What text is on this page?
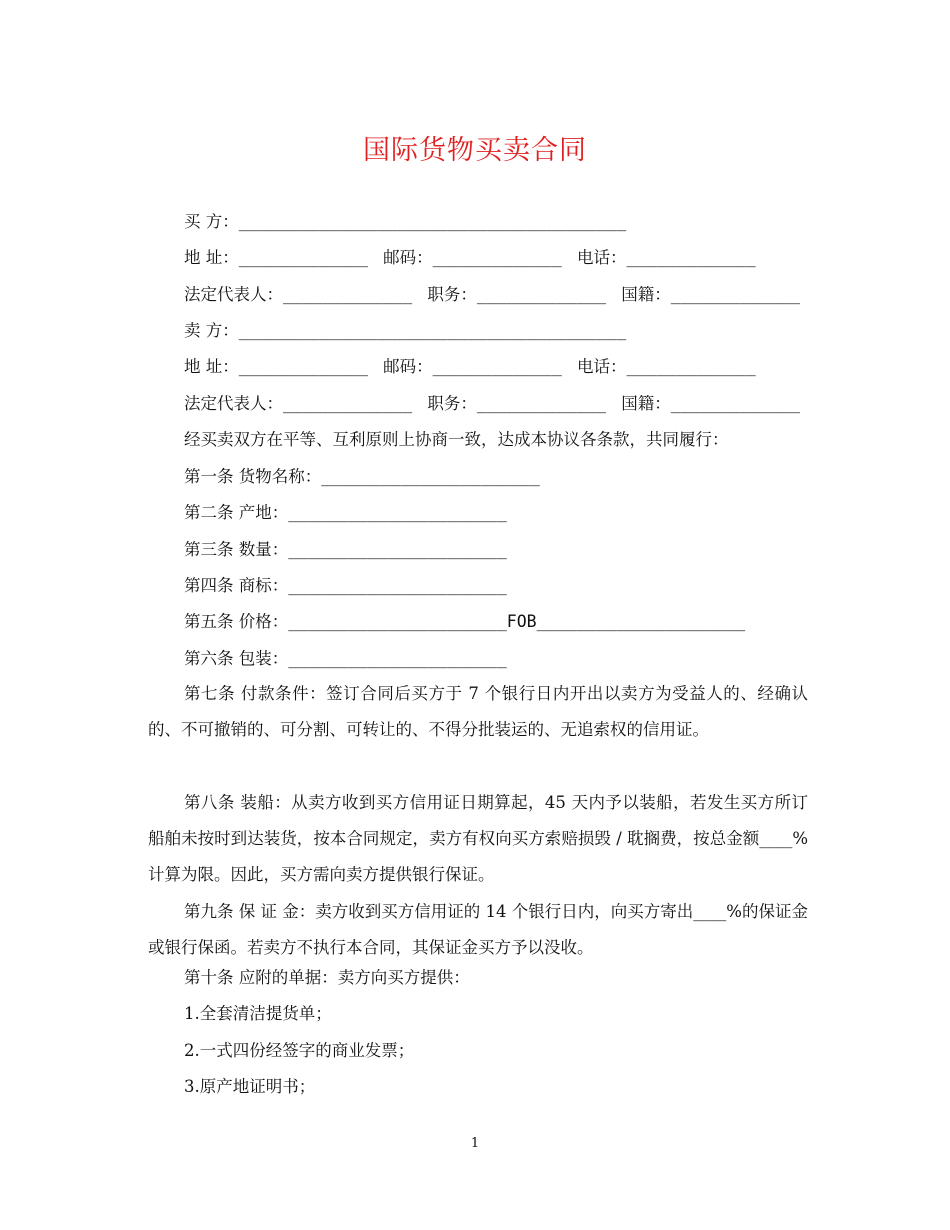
国际货物买卖合同
买 方：_______________________________________
地 址：_____________ 邮码：_____________ 电话：_____________
法定代表人：_____________ 职务：_____________ 国籍：_____________
卖 方：_______________________________________
地 址：_____________ 邮码：_____________ 电话：_____________
法定代表人：_____________ 职务：_____________ 国籍：_____________
经买卖双方在平等、互利原则上协商一致，达成本协议各条款，共同履行：
第一条 货物名称：______________________
第二条 产地：______________________
第三条 数量：______________________
第四条 商标：______________________
第五条 价格：______________________FOB_____________________
第六条 包装：______________________
第七条 付款条件：签订合同后买方于 7 个银行日内开出以卖方为受益人的、经确认的、不可撤销的、可分割、可转让的、不得分批装运的、无追索权的信用证。
第八条 装船：从卖方收到买方信用证日期算起，45 天内予以装船，若发生买方所订船舶未按时到达装货，按本合同规定，卖方有权向买方索赔损毁 / 耽搁费，按总金额____%计算为限。因此，买方需向卖方提供银行保证。
第九条 保 证 金：卖方收到买方信用证的 14 个银行日内，向买方寄出____%的保证金或银行保函。若卖方不执行本合同，其保证金买方予以没收。
第十条 应附的单据：卖方向买方提供：
1.全套清洁提货单；
2.一式四份经签字的商业发票；
3.原产地证明书；
1
